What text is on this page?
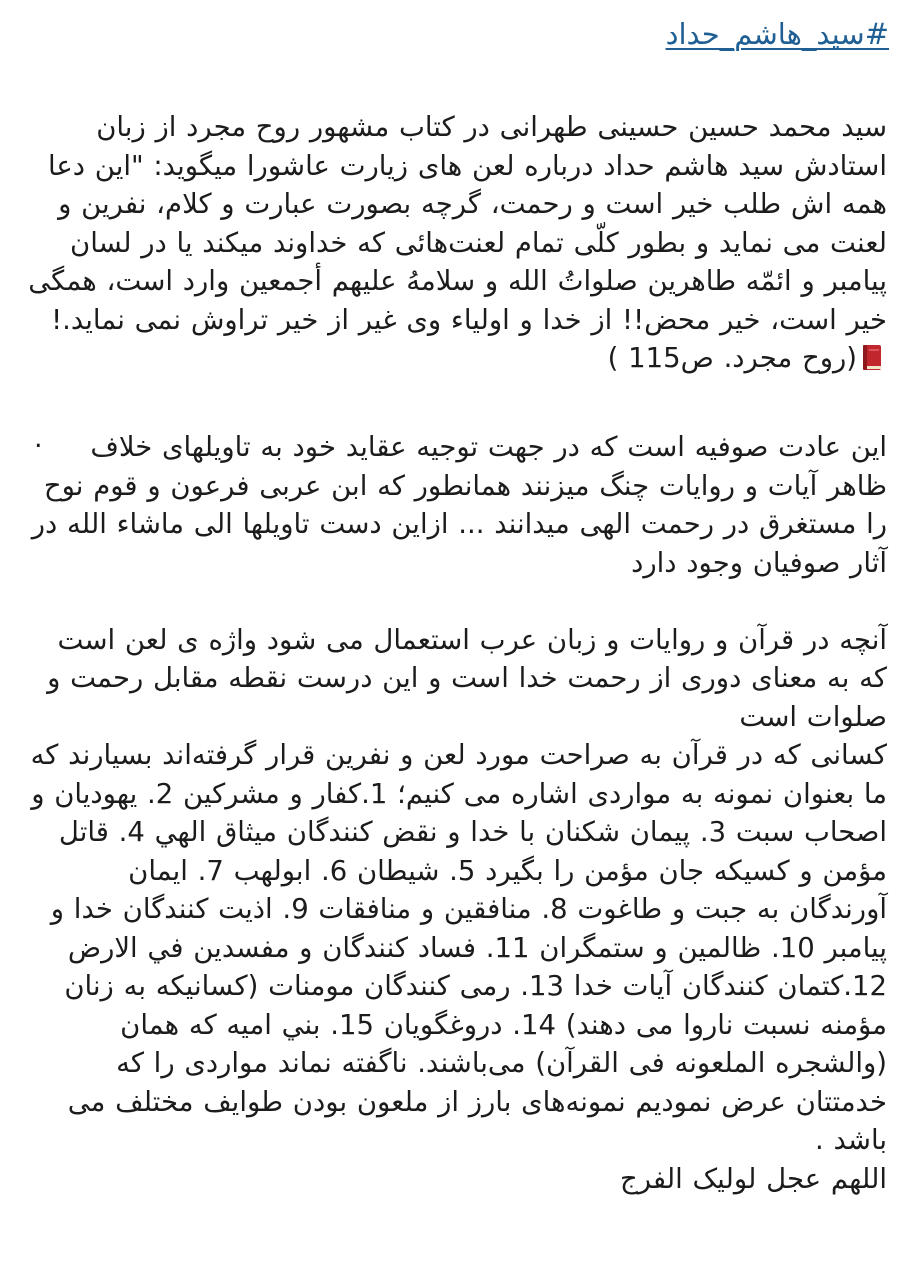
#سید_هاشم_حداد

سید محمد حسین حسینی طهرانی در کتاب مشهور روح مجرد از زبان استادش سید هاشم حداد درباره لعن های زیارت عاشورا میگوید: "این دعا همه اش طلب خیر است و رحمت، گرچه بصورت عبارت و کلام، نفرین و لعنت می نماید و بطور کلّی تمام لعنت‌هائی که خداوند میکند یا در لسان پیامبر و ائمّه طاهرین صلواتُ الله و سلامهُ علیهم أجمعین وارد است، همگی خیر است، خیر محض!! از خدا و اولیاء وی غیر از خیر تراوش نمی نماید.!

(روح مجرد. ص115 )

این عادت صوفیه است که در جهت توجیه عقاید خود به تاویلهای خلاف ظاهر آیات و روایات چنگ میزنند همانطور که ابن عربی فرعون و قوم نوح را مستغرق در رحمت الهی میدانند ... ازاین دست تاویلها الی ماشاء الله در آثار صوفیان وجود دارد

آنچه در قرآن و روایات و زبان عرب استعمال می شود واژه ی لعن است که به معنای دوری از رحمت خدا است و این درست نقطه مقابل رحمت و صلوات است

کسانی که در قرآن به صراحت مورد لعن و نفرین قرار گرفته‌اند بسیارند که ما بعنوان نمونه به مواردی اشاره می کنیم؛ 1.کفار و مشرکین 2. یهودیان و اصحاب سبت 3. پیمان شکنان با خدا و نقض کنندگان میثاق الهي 4. قاتل مؤمن و کسیکه جان مؤمن را بگیرد 5. شیطان 6. ابولهب 7. ایمان آورندگان به جبت و طاغوت 8. منافقین و منافقات 9. اذیت کنندگان خدا و پیامبر 10. ظالمین و ستمگران 11. فساد کنندگان و مفسدین في الارض 12.کتمان کنندگان آیات خدا 13. رمی کنندگان مومنات (کسانیکه به زنان مؤمنه نسبت ناروا می دهند) 14. دروغگویان 15. بني امیه که همان (والشجره الملعونه فی القرآن) می‌باشند. ناگفته نماند مواردی را که خدمتتان عرض نمودیم نمونه‌های بارز از ملعون بودن طوایف مختلف می باشد .

اللهم عجل لولیک الفرج

.
